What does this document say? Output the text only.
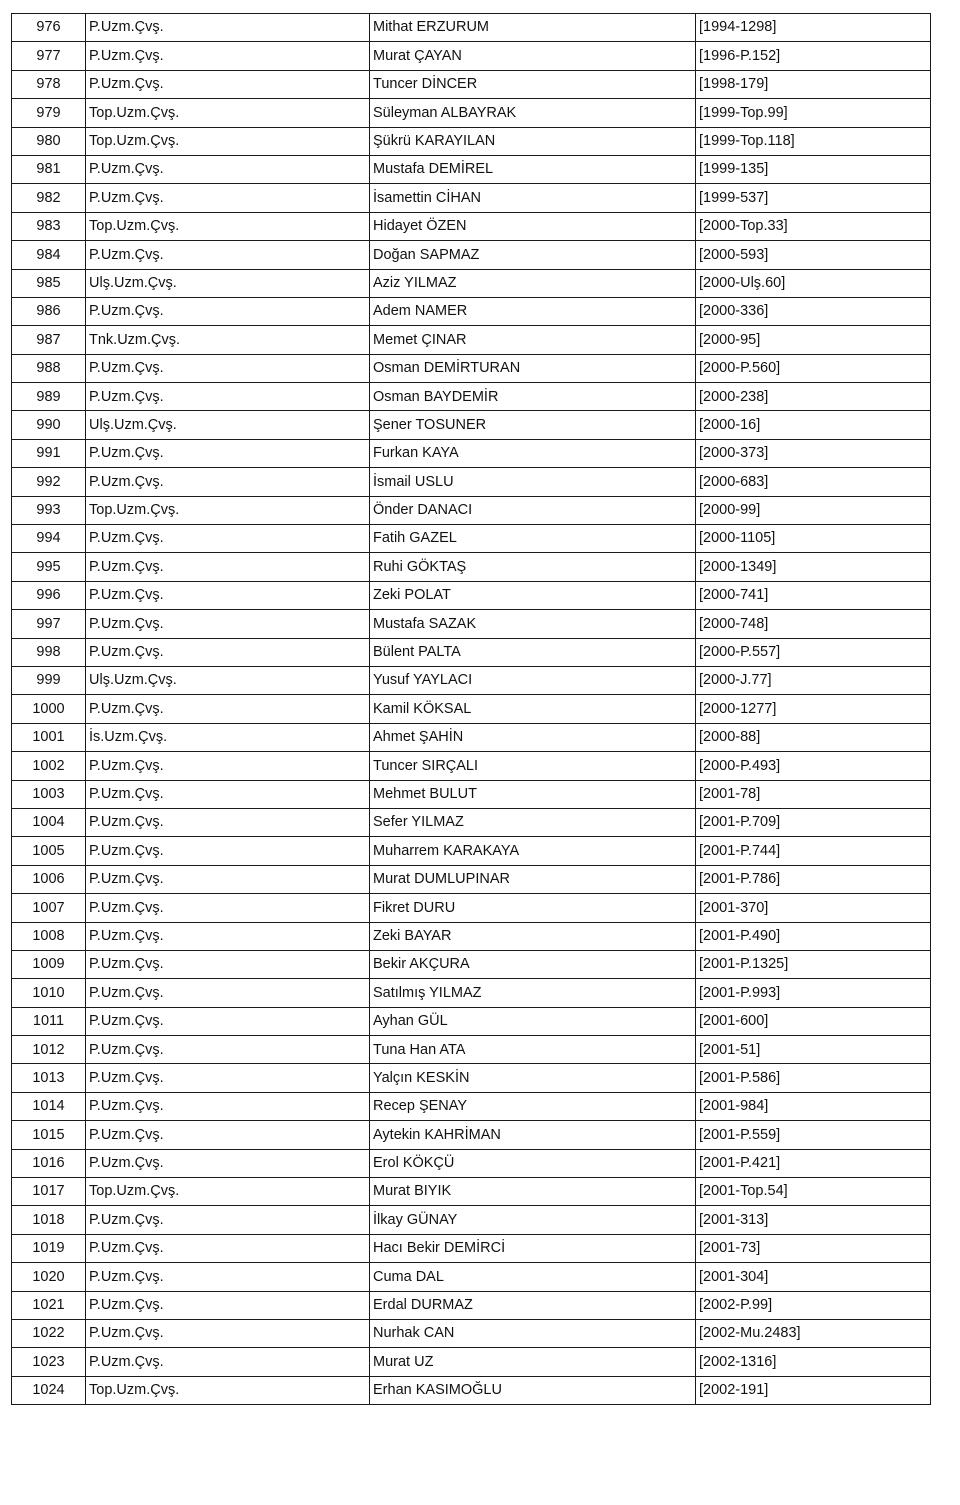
976	P.Uzm.Çvş.	Mithat ERZURUM	[1994-1298]
977	P.Uzm.Çvş.	Murat ÇAYAN	[1996-P.152]
978	P.Uzm.Çvş.	Tuncer DİNCER	[1998-179]
979	Top.Uzm.Çvş.	Süleyman ALBAYRAK	[1999-Top.99]
980	Top.Uzm.Çvş.	Şükrü KARAYILAN	[1999-Top.118]
981	P.Uzm.Çvş.	Mustafa DEMİREL	[1999-135]
982	P.Uzm.Çvş.	İsamettin CİHAN	[1999-537]
983	Top.Uzm.Çvş.	Hidayet ÖZEN	[2000-Top.33]
984	P.Uzm.Çvş.	Doğan SAPMAZ	[2000-593]
985	Ulş.Uzm.Çvş.	Aziz YILMAZ	[2000-Ulş.60]
986	P.Uzm.Çvş.	Adem NAMER	[2000-336]
987	Tnk.Uzm.Çvş.	Memet ÇINAR	[2000-95]
988	P.Uzm.Çvş.	Osman DEMİRTURAN	[2000-P.560]
989	P.Uzm.Çvş.	Osman BAYDEMİR	[2000-238]
990	Ulş.Uzm.Çvş.	Şener TOSUNER	[2000-16]
991	P.Uzm.Çvş.	Furkan KAYA	[2000-373]
992	P.Uzm.Çvş.	İsmail USLU	[2000-683]
993	Top.Uzm.Çvş.	Önder DANACI	[2000-99]
994	P.Uzm.Çvş.	Fatih GAZEL	[2000-1105]
995	P.Uzm.Çvş.	Ruhi GÖKTAŞ	[2000-1349]
996	P.Uzm.Çvş.	Zeki POLAT	[2000-741]
997	P.Uzm.Çvş.	Mustafa SAZAK	[2000-748]
998	P.Uzm.Çvş.	Bülent PALTA	[2000-P.557]
999	Ulş.Uzm.Çvş.	Yusuf YAYLACI	[2000-J.77]
1000	P.Uzm.Çvş.	Kamil KÖKSAL	[2000-1277]
1001	İs.Uzm.Çvş.	Ahmet ŞAHİN	[2000-88]
1002	P.Uzm.Çvş.	Tuncer SIRÇALI	[2000-P.493]
1003	P.Uzm.Çvş.	Mehmet BULUT	[2001-78]
1004	P.Uzm.Çvş.	Sefer YILMAZ	[2001-P.709]
1005	P.Uzm.Çvş.	Muharrem KARAKAYA	[2001-P.744]
1006	P.Uzm.Çvş.	Murat DUMLUPINAR	[2001-P.786]
1007	P.Uzm.Çvş.	Fikret DURU	[2001-370]
1008	P.Uzm.Çvş.	Zeki BAYAR	[2001-P.490]
1009	P.Uzm.Çvş.	Bekir AKÇURA	[2001-P.1325]
1010	P.Uzm.Çvş.	Satılmış YILMAZ	[2001-P.993]
1011	P.Uzm.Çvş.	Ayhan GÜL	[2001-600]
1012	P.Uzm.Çvş.	Tuna Han ATA	[2001-51]
1013	P.Uzm.Çvş.	Yalçın KESKİN	[2001-P.586]
1014	P.Uzm.Çvş.	Recep ŞENAY	[2001-984]
1015	P.Uzm.Çvş.	Aytekin KAHRİMAN	[2001-P.559]
1016	P.Uzm.Çvş.	Erol KÖKÇÜ	[2001-P.421]
1017	Top.Uzm.Çvş.	Murat BIYIK	[2001-Top.54]
1018	P.Uzm.Çvş.	İlkay GÜNAY	[2001-313]
1019	P.Uzm.Çvş.	Hacı Bekir DEMİRCİ	[2001-73]
1020	P.Uzm.Çvş.	Cuma DAL	[2001-304]
1021	P.Uzm.Çvş.	Erdal DURMAZ	[2002-P.99]
1022	P.Uzm.Çvş.	Nurhak CAN	[2002-Mu.2483]
1023	P.Uzm.Çvş.	Murat UZ	[2002-1316]
1024	Top.Uzm.Çvş.	Erhan KASIMOĞLU	[2002-191]
